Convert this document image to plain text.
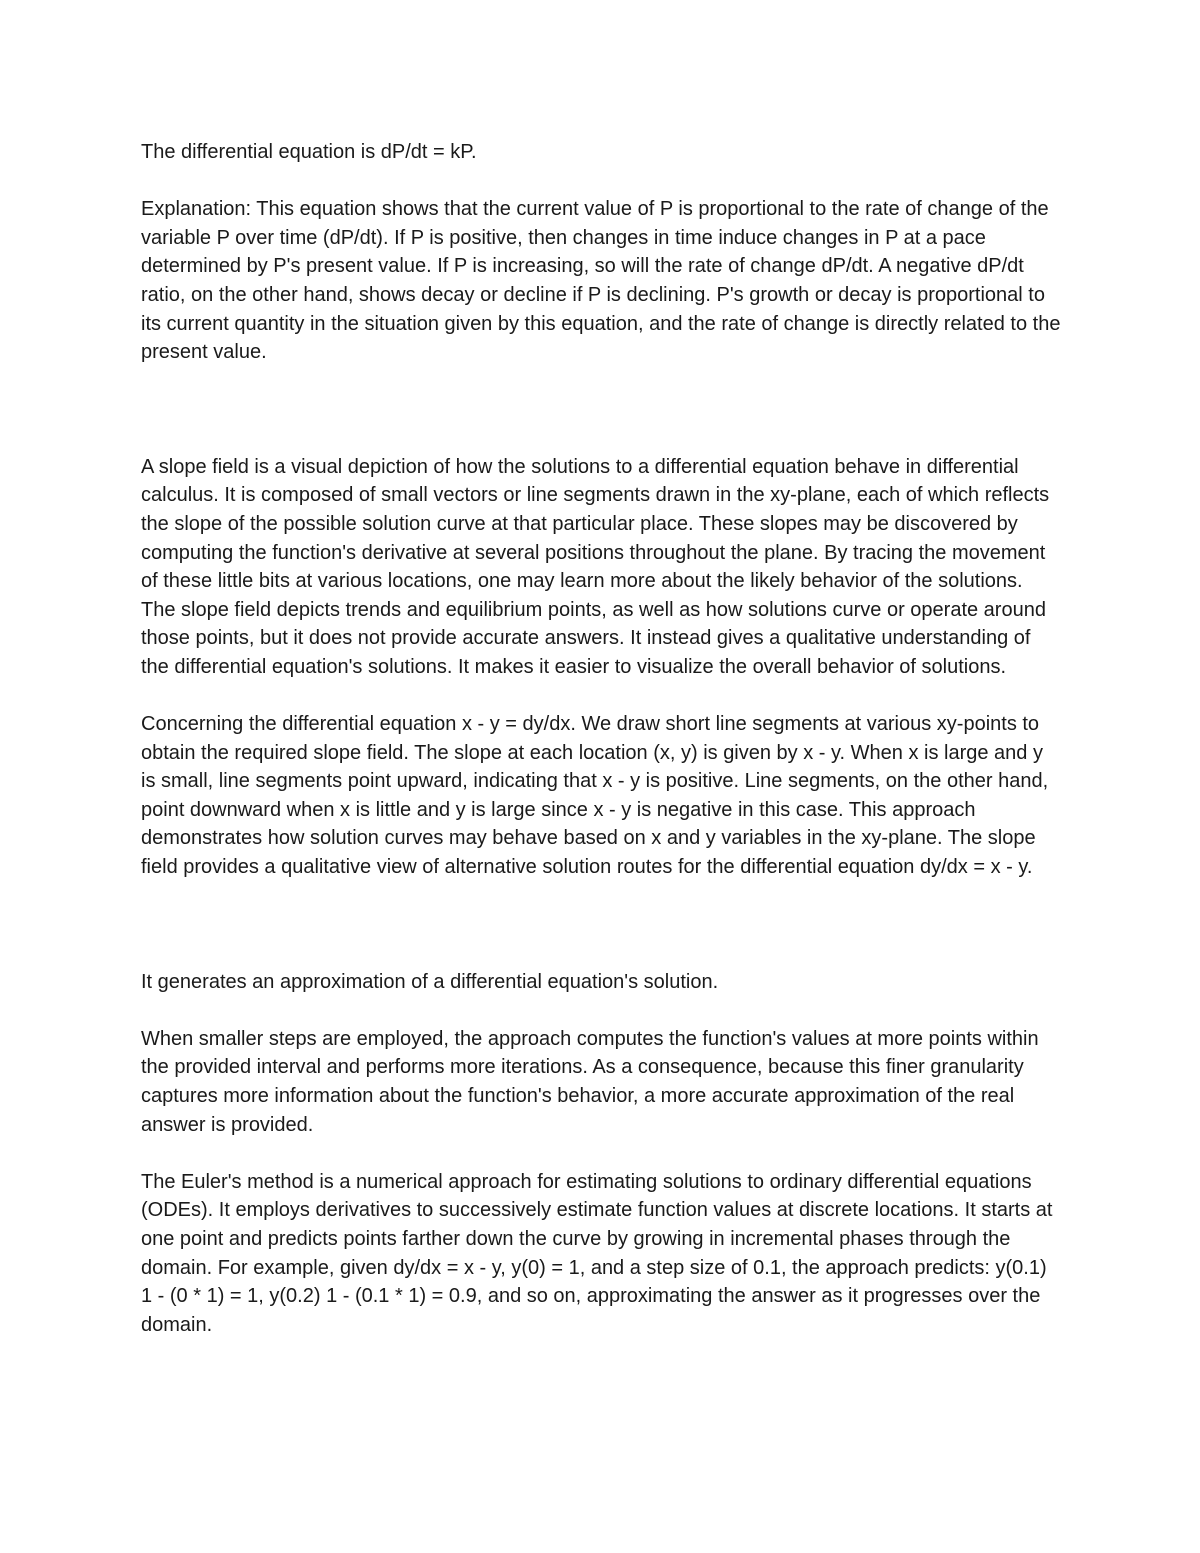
The differential equation is dP/dt = kP.

Explanation: This equation shows that the current value of P is proportional to the rate of change of the variable P over time (dP/dt). If P is positive, then changes in time induce changes in P at a pace determined by P's present value. If P is increasing, so will the rate of change dP/dt. A negative dP/dt ratio, on the other hand, shows decay or decline if P is declining. P's growth or decay is proportional to its current quantity in the situation given by this equation, and the rate of change is directly related to the present value.

A slope field is a visual depiction of how the solutions to a differential equation behave in differential calculus. It is composed of small vectors or line segments drawn in the xy-plane, each of which reflects the slope of the possible solution curve at that particular place. These slopes may be discovered by computing the function's derivative at several positions throughout the plane. By tracing the movement of these little bits at various locations, one may learn more about the likely behavior of the solutions. The slope field depicts trends and equilibrium points, as well as how solutions curve or operate around those points, but it does not provide accurate answers. It instead gives a qualitative understanding of the differential equation's solutions. It makes it easier to visualize the overall behavior of solutions.

Concerning the differential equation x - y = dy/dx. We draw short line segments at various xy-points to obtain the required slope field. The slope at each location (x, y) is given by x - y. When x is large and y is small, line segments point upward, indicating that x - y is positive. Line segments, on the other hand, point downward when x is little and y is large since x - y is negative in this case. This approach demonstrates how solution curves may behave based on x and y variables in the xy-plane. The slope field provides a qualitative view of alternative solution routes for the differential equation dy/dx = x - y.

It generates an approximation of a differential equation's solution.

When smaller steps are employed, the approach computes the function's values at more points within the provided interval and performs more iterations. As a consequence, because this finer granularity captures more information about the function's behavior, a more accurate approximation of the real answer is provided.

The Euler's method is a numerical approach for estimating solutions to ordinary differential equations (ODEs). It employs derivatives to successively estimate function values at discrete locations. It starts at one point and predicts points farther down the curve by growing in incremental phases through the domain. For example, given dy/dx = x - y, y(0) = 1, and a step size of 0.1, the approach predicts: y(0.1) 1 - (0 * 1) = 1, y(0.2) 1 - (0.1 * 1) = 0.9, and so on, approximating the answer as it progresses over the domain.
